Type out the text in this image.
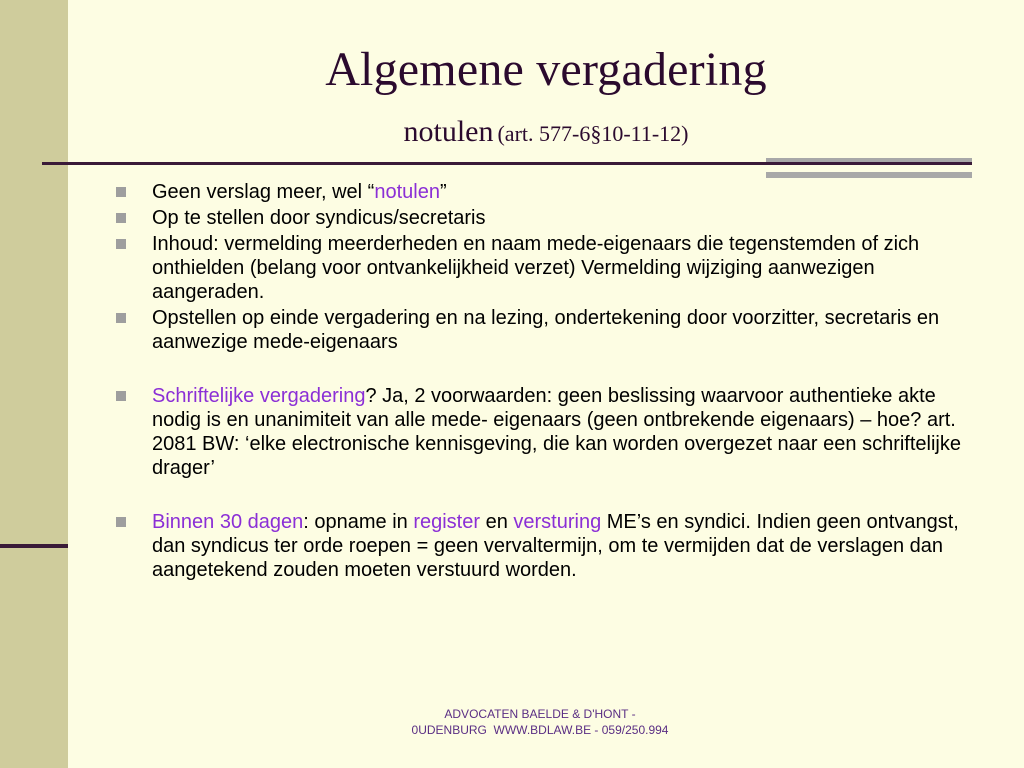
Algemene vergadering
notulen (art. 577-6§10-11-12)
Geen verslag meer, wel “notulen”
Op te stellen door syndicus/secretaris
Inhoud: vermelding meerderheden en naam mede-eigenaars die tegenstemden of zich onthielden (belang voor ontvankelijkheid verzet) Vermelding wijziging aanwezigen aangeraden.
Opstellen op einde vergadering en na lezing, ondertekening door voorzitter, secretaris en aanwezige mede-eigenaars
Schriftelijke vergadering? Ja, 2 voorwaarden: geen beslissing waarvoor authentieke akte nodig is en unanimiteit van alle mede- eigenaars (geen ontbrekende eigenaars) – hoe? art. 2081 BW: ‘elke electronische kennisgeving, die kan worden overgezet naar een schriftelijke drager’
Binnen 30 dagen: opname in register en versturing ME’s en syndici. Indien geen ontvangst, dan syndicus ter orde roepen = geen vervaltermijn, om te vermijden dat de verslagen dan aangetekend zouden moeten verstuurd worden.
ADVOCATEN BAELDE & D'HONT -
0UDENBURG  WWW.BDLAW.BE - 059/250.994
